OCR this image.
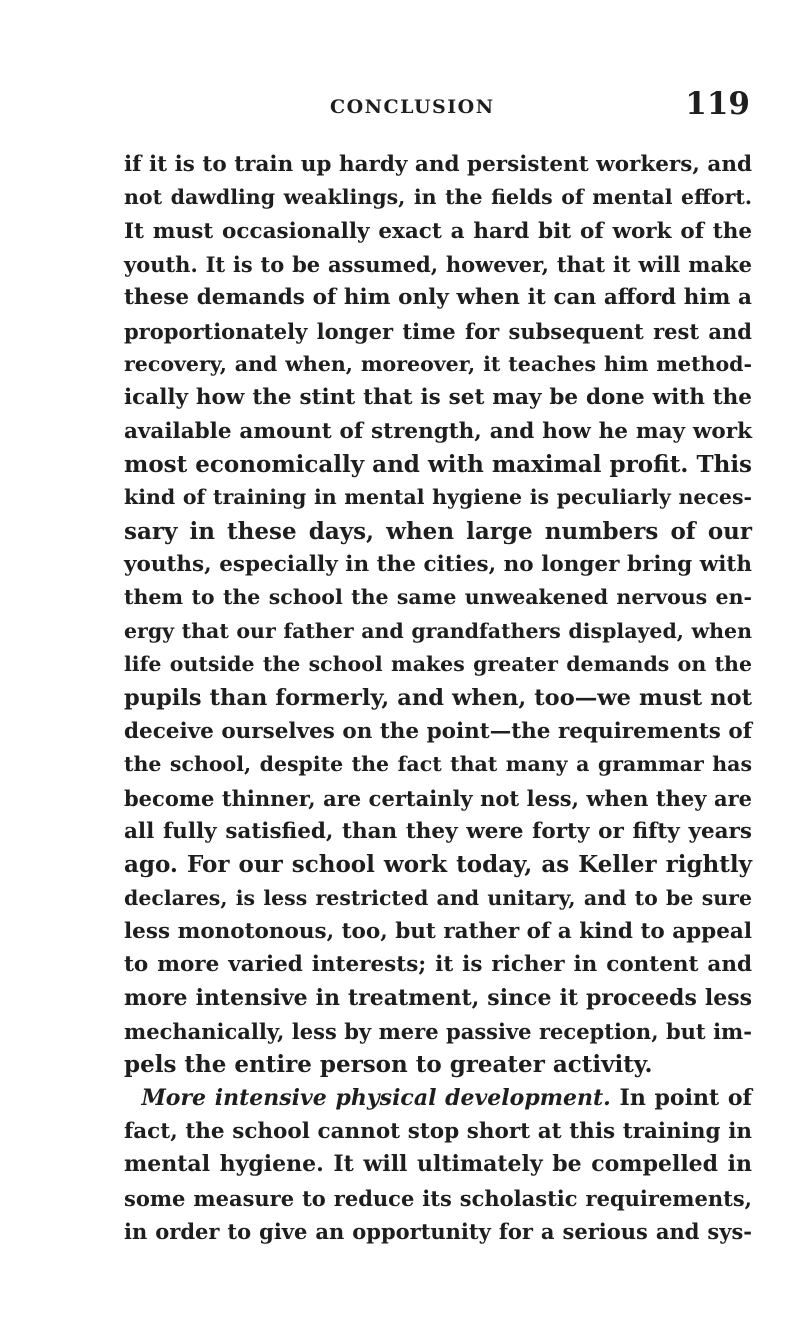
CONCLUSION	119
if it is to train up hardy and persistent workers, and
not dawdling weaklings, in the fields of mental effort.
It must occasionally exact a hard bit of work of the
youth. It is to be assumed, however, that it will make
these demands of him only when it can afford him a
proportionately longer time for subsequent rest and
recovery, and when, moreover, it teaches him method-
ically how the stint that is set may be done with the
available amount of strength, and how he may work
most economically and with maximal profit. This
kind of training in mental hygiene is peculiarly neces-
sary in these days, when large numbers of our
youths, especially in the cities, no longer bring with
them to the school the same unweakened nervous en-
ergy that our father and grandfathers displayed, when
life outside the school makes greater demands on the
pupils than formerly, and when, too—we must not
deceive ourselves on the point—the requirements of
the school, despite the fact that many a grammar has
become thinner, are certainly not less, when they are
all fully satisfied, than they were forty or fifty years
ago. For our school work today, as Keller rightly
declares, is less restricted and unitary, and to be sure
less monotonous, too, but rather of a kind to appeal
to more varied interests; it is richer in content and
more intensive in treatment, since it proceeds less
mechanically, less by mere passive reception, but im-
pels the entire person to greater activity.
More intensive physical development. In point of
fact, the school cannot stop short at this training in
mental hygiene. It will ultimately be compelled in
some measure to reduce its scholastic requirements,
in order to give an opportunity for a serious and sys-
